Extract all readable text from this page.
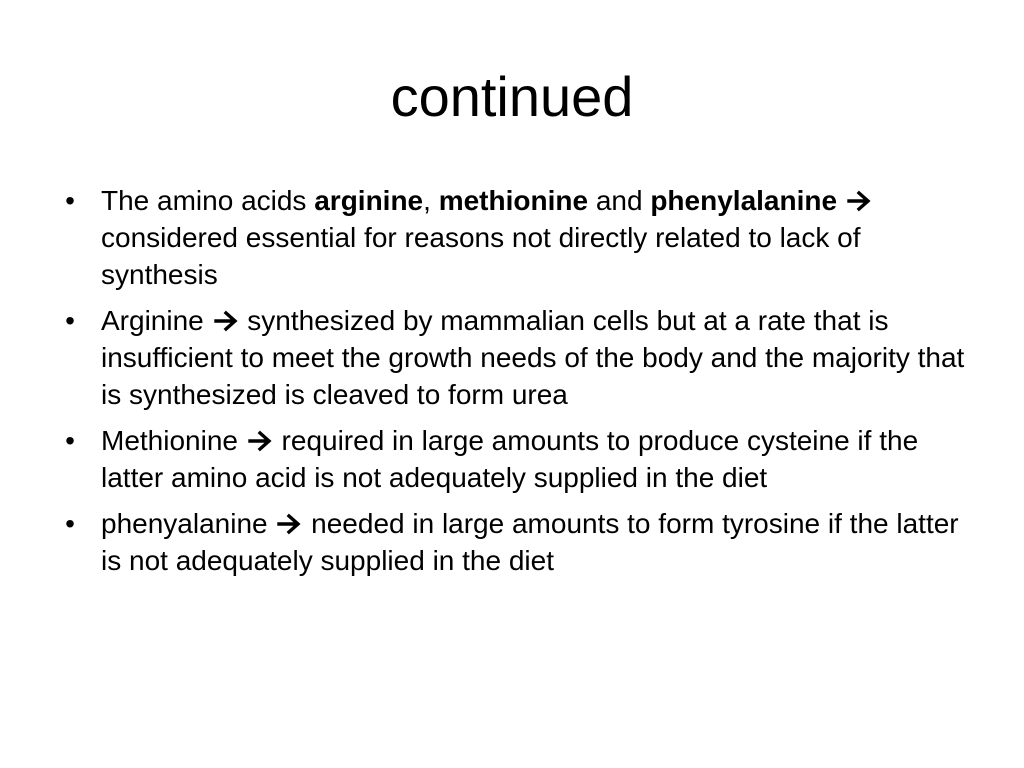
continued
• The amino acids arginine, methionine and phenylalanine
considered essential for reasons not directly related to lack of synthesis
• Arginine synthesized by mammalian cells but at a rate that is insufficient to meet the growth needs of the body and the majority that is synthesized is cleaved to form urea
• Methionine required in large amounts to produce cysteine if the latter amino acid is not adequately supplied in the diet
• phenyalanine needed in large amounts to form tyrosine if the latter is not adequately supplied in the diet
